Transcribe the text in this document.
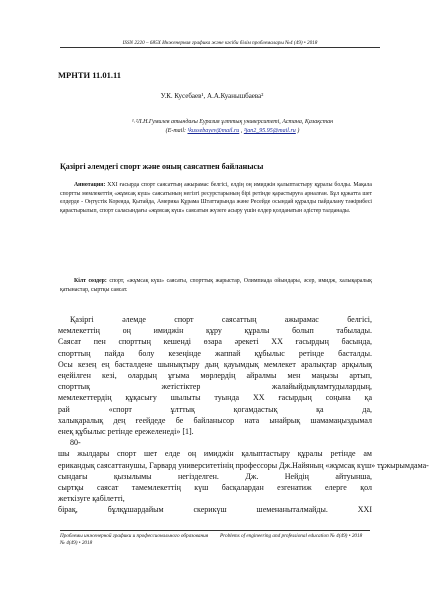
ISSN 2220 – 685X Инженерная графика және кәсіби білім проблемалары №4 (49) • 2018
МРНТИ 11.01.11
У.К. Кусебаев¹, А.А.Куанышбаева²
¹˒²Л.Н.Гумилев атындағы Еуразия ұлттық университеті, Астана, Қазақстан
(E-mail: ¹kussebayev@mail.ru , ²jan2_95.95@mail.ru )
Қазіргі әлемдегі спорт және оның саясатпен байланысы
Аннотация: XXI ғасырда спорт саясаттың ажырамас белгісі, елдің оң имиджін қалыптастыру құралы болды. Мақала спортты мемлекеттің «жұмсақ күш» саясатының негізгі ресурстарының бірі ретінде қарастыруға арналған. Бұл құжатта шет елдерде - Оңтүстік Кореяда, Қытайда, Америка Құрама Штаттарында және Ресейде осындай құралды пайдалану тәжірибесі қарастырылып, спорт саласындағы «жұмсақ күш» саясатын жүзеге асыру үшін елдер қолданатын әдістер талданады.
Кілт сөздер: спорт, «жұмсақ күш» саясаты, спорттық жарыстар, Олимпиада ойындары, әсер, имидж, халықаралық қатынастар, сыртқы саясат.
Қазіргі әлемде спорт саясаттың ажырамас белгісі,
мемлекеттің оң имиджін құру құралы болып табылады.
Саясат пен спорттың кешенді өзара әрекеті XX ғасырдың басында,
спорттың пайда болу кезеңінде жаппай құбылыс ретінде басталды.
Осы кезең ең басталдене шынықтыру дың қауымдық мемлекет аралықтар арқылық
еңейілген кезі, олардың ұғыма мөрлердің айралмы мен маңызы артып,
спорттық жетістіктер жалайыйдықламтудылардың,
мемлекеттердің құқасығу шылыты туында XX ғасырдың соңына қа
рай «спорт ұлттық қогамдастық қа да,
халықаралық дең ғеейдеде бе байланысор ната ынайрық шамамаңыздымал
енеқ құбылыс ретінде ережеленеді» [1].
80-
шы жылдары спорт шет елде оң имиджін қалыптастыру құралы ретінде ам
ерикандық саясаттанушы, Гарвард университетінің профессоры Дж.Найяның «жұмсақ күш» тұжырымдама-
сындағы қызылымы негізделген. Дж. Нейдің айтуынша,
сыртқы саясат тамемлекеттің күш басқалардан езгенатиж елерге қол
жеткізуге қабілетті,
бірақ, бұлқұшардайым скерикүш шеменаныталмайды. XXI
Проблемы инженерной графики и профессионального образования № 4(49) • 2018
Problems of engineering and professional education № 4(49) • 2018
